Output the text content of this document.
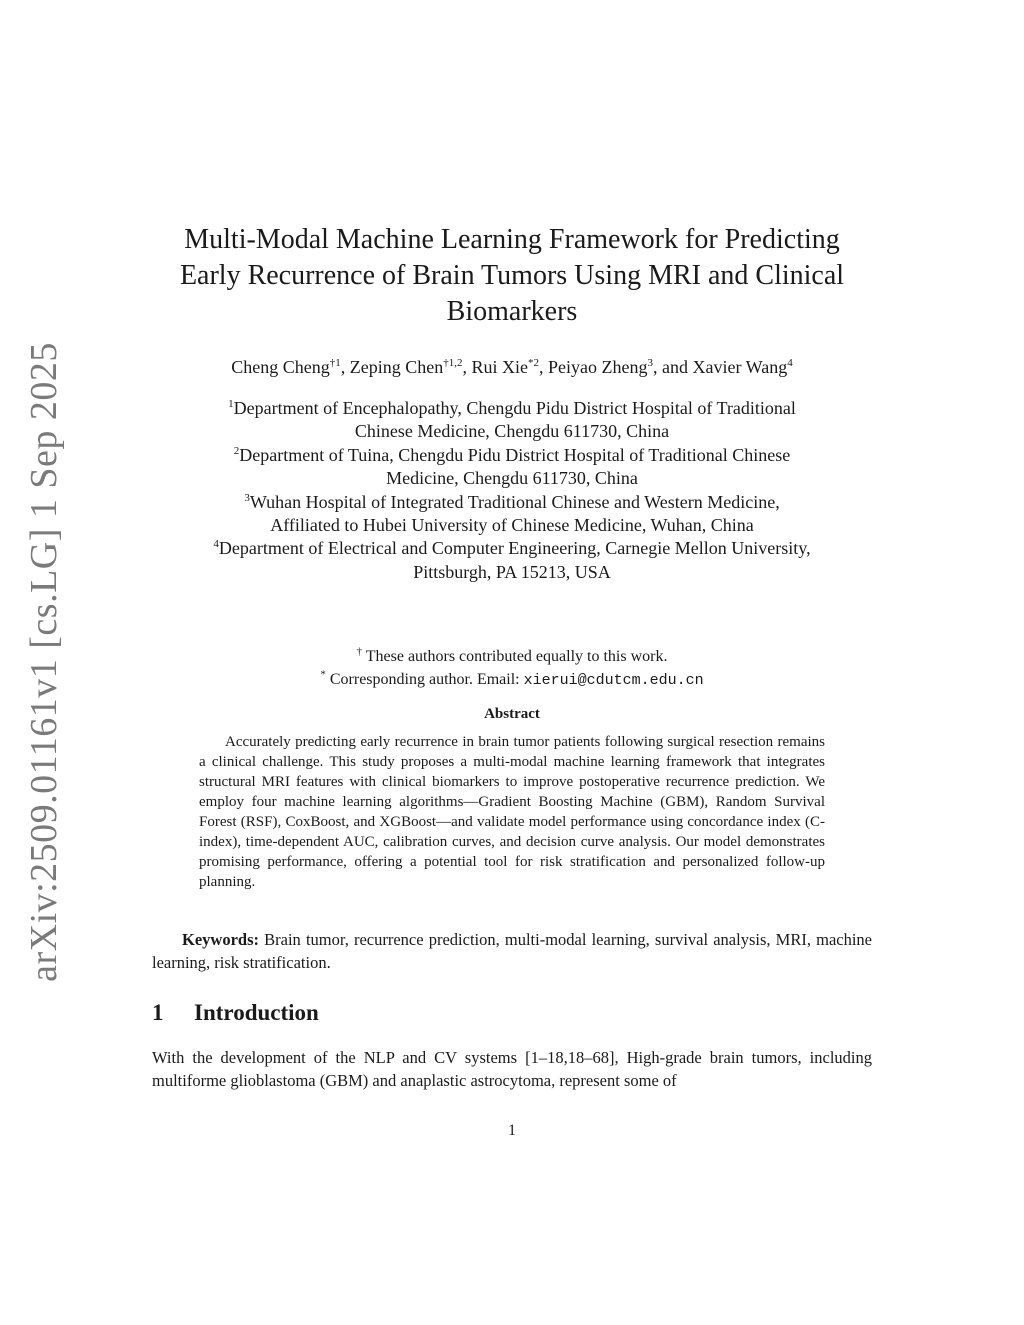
arXiv:2509.01161v1 [cs.LG] 1 Sep 2025
Multi-Modal Machine Learning Framework for Predicting
Early Recurrence of Brain Tumors Using MRI and Clinical
Biomarkers
Cheng Cheng$^{\dagger 1}$, Zeping Chen$^{\dagger 1,2}$, Rui Xie$^{*2}$, Peiyao Zheng$^3$, and Xavier Wang$^4$
$^1$Department of Encephalopathy, Chengdu Pidu District Hospital of Traditional
Chinese Medicine, Chengdu 611730, China
$^2$Department of Tuina, Chengdu Pidu District Hospital of Traditional Chinese
Medicine, Chengdu 611730, China
$^3$Wuhan Hospital of Integrated Traditional Chinese and Western Medicine,
Affiliated to Hubei University of Chinese Medicine, Wuhan, China
$^4$Department of Electrical and Computer Engineering, Carnegie Mellon University,
Pittsburgh, PA 15213, USA
† These authors contributed equally to this work.
* Corresponding author. Email: xierui@cdutcm.edu.cn
Abstract

Accurately predicting early recurrence in brain tumor patients following surgical resection remains a clinical challenge. This study proposes a multi-modal machine learning framework that integrates structural MRI features with clinical biomarkers to improve postoperative recurrence prediction. We employ four machine learning algorithms—Gradient Boosting Machine (GBM), Random Survival Forest (RSF), CoxBoost, and XGBoost—and validate model performance using concordance index (C-index), time-dependent AUC, calibration curves, and decision curve analysis. Our model demonstrates promising performance, offering a potential tool for risk stratification and personalized follow-up planning.

Keywords: Brain tumor, recurrence prediction, multi-modal learning, survival analysis, MRI, machine learning, risk stratification.

1 Introduction

With the development of the NLP and CV systems [1–18,18–68], High-grade brain tumors, including multiforme glioblastoma (GBM) and anaplastic astrocytoma, represent some of

1
